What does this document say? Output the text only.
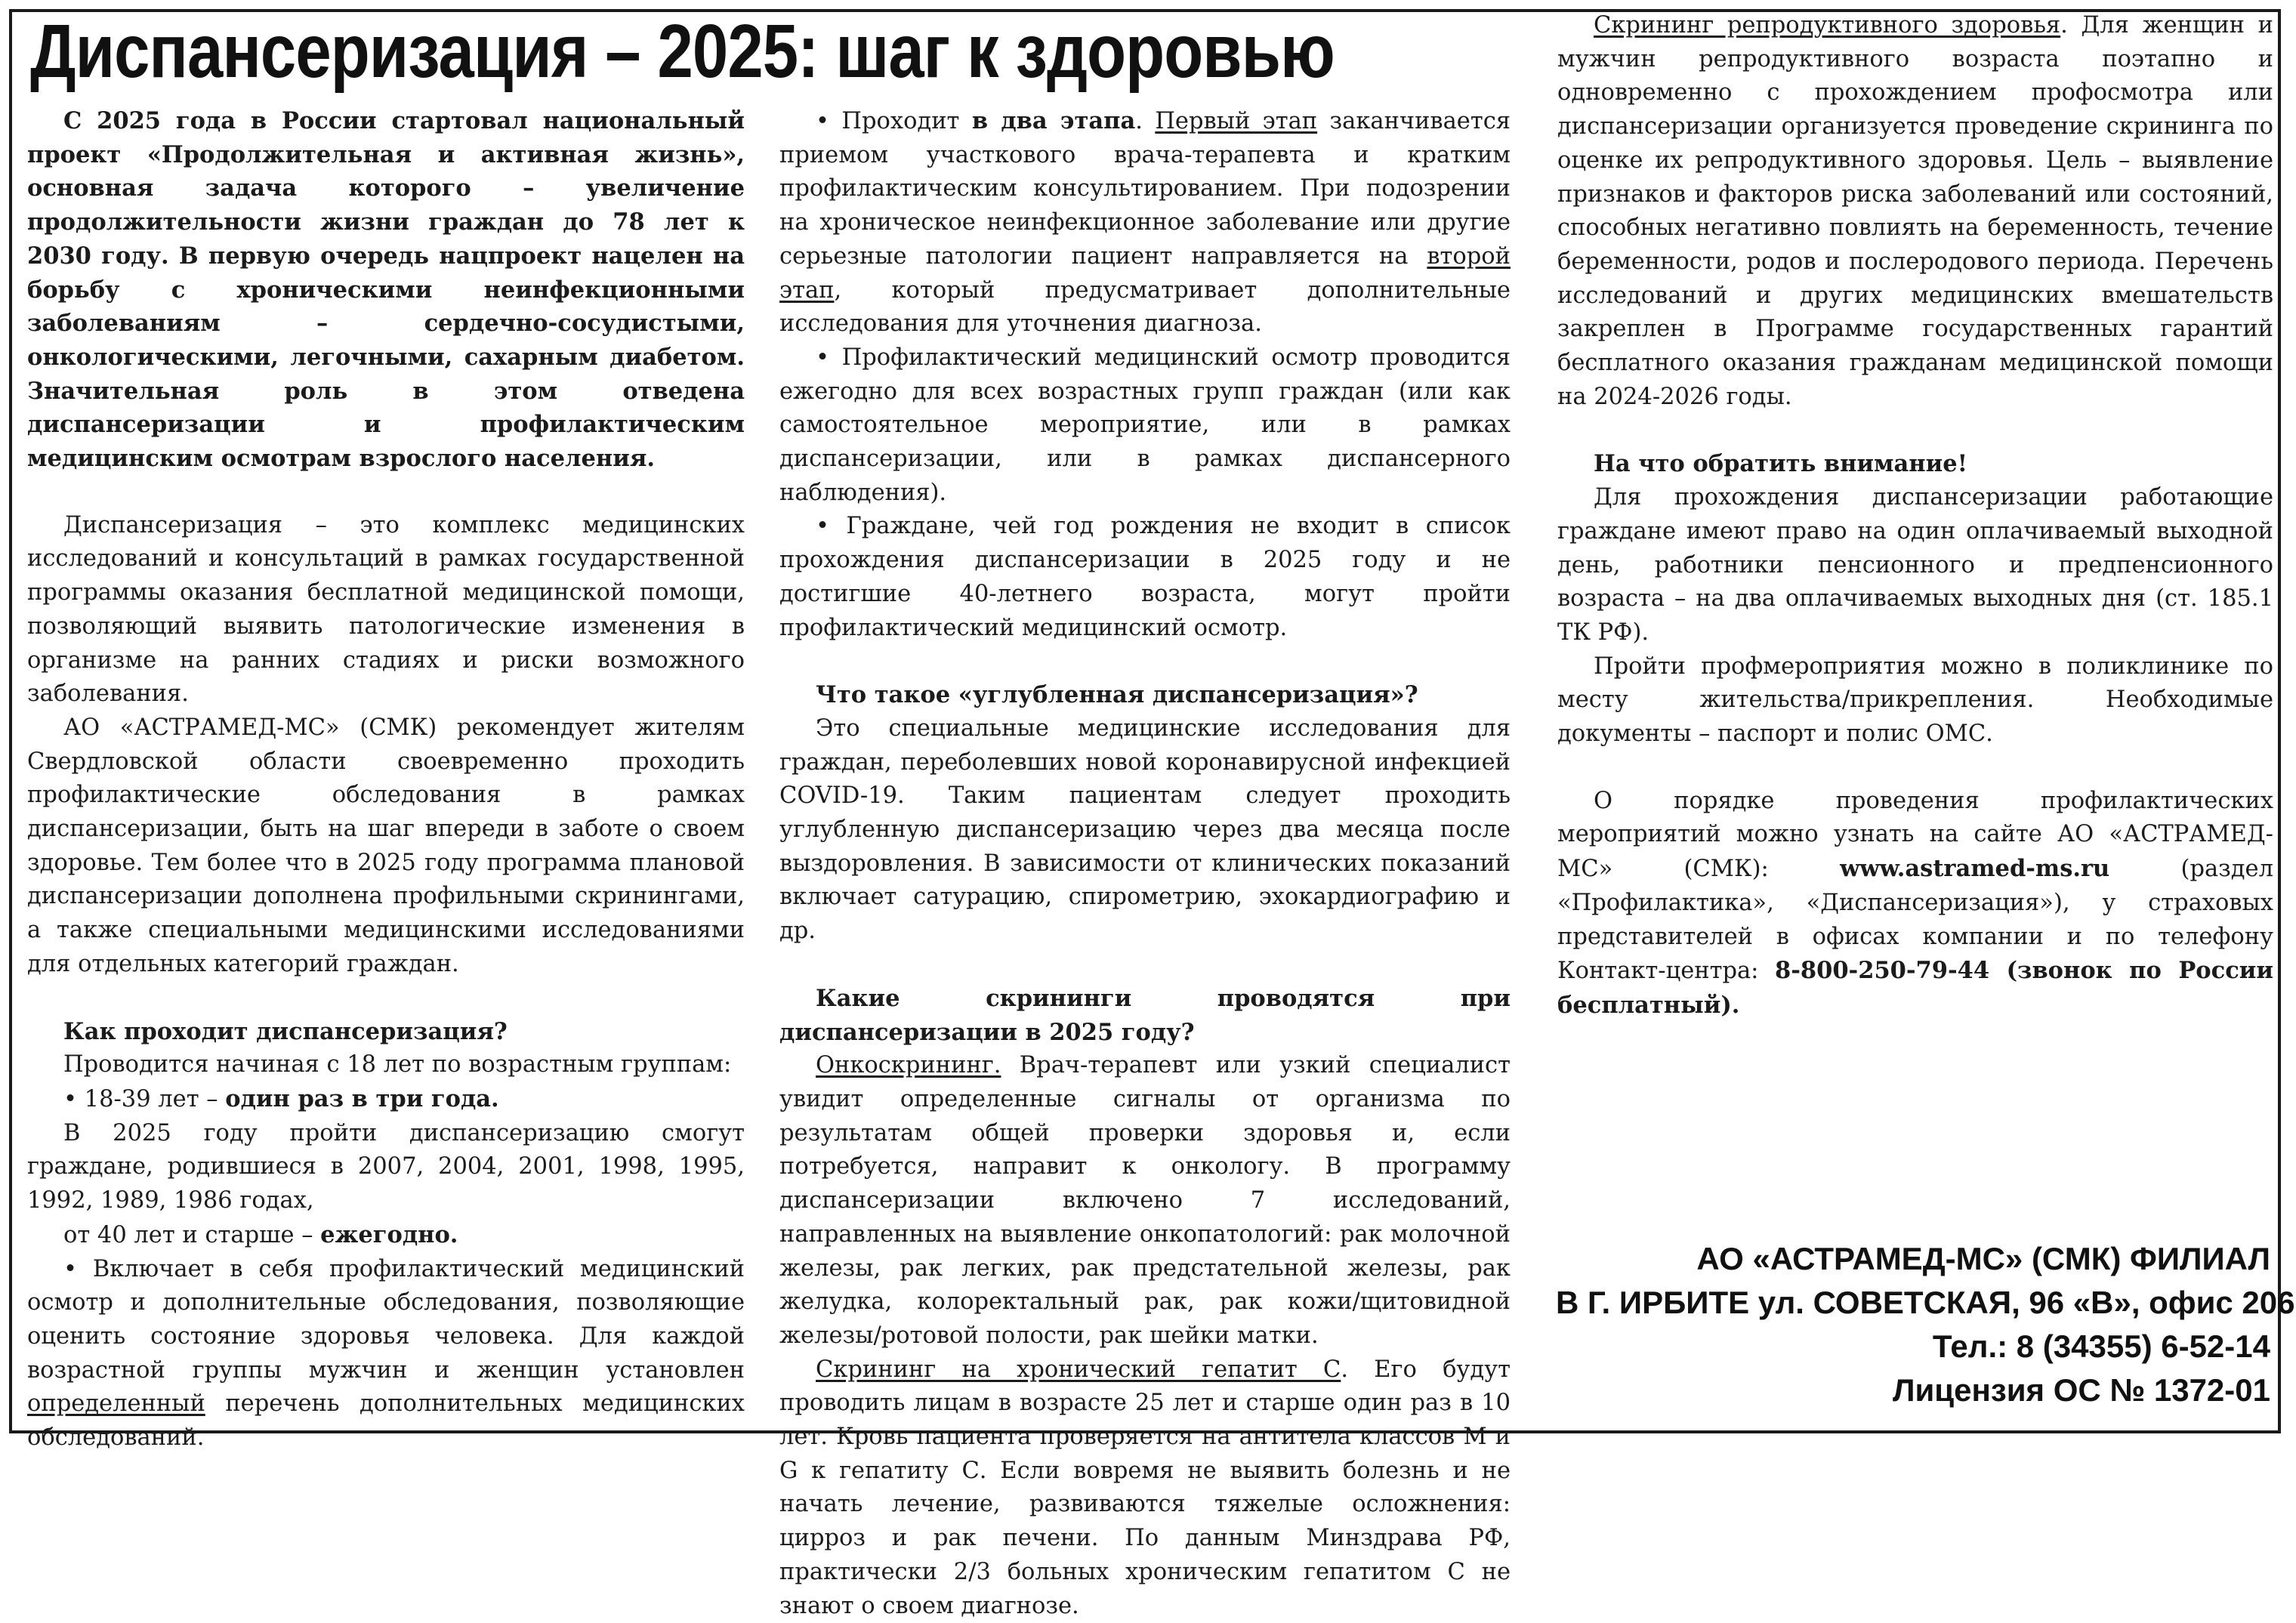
Диспансеризация – 2025: шаг к здоровью

С 2025 года в России стартовал национальный проект «Продолжительная и активная жизнь», основная задача которого – увеличение продолжительности жизни граждан до 78 лет к 2030 году. В первую очередь нацпроект нацелен на борьбу с хроническими неинфекционными заболеваниям – сердечно-сосудистыми, онкологическими, легочными, сахарным диабетом. Значительная роль в этом отведена диспансеризации и профилактическим медицинским осмотрам взрослого населения.

Диспансеризация – это комплекс медицинских исследований и консультаций в рамках государственной программы оказания бесплатной медицинской помощи, позволяющий выявить патологические изменения в организме на ранних стадиях и риски возможного заболевания.

АО «АСТРАМЕД-МС» (СМК) рекомендует жителям Свердловской области своевременно проходить профилактические обследования в рамках диспансеризации, быть на шаг впереди в заботе о своем здоровье. Тем более что в 2025 году программа плановой диспансеризации дополнена профильными скринингами, а также специальными медицинскими исследованиями для отдельных категорий граждан.

Как проходит диспансеризация?

Проводится начиная с 18 лет по возрастным группам:

• 18-39 лет – один раз в три года.

В 2025 году пройти диспансеризацию смогут граждане, родившиеся в 2007, 2004, 2001, 1998, 1995, 1992, 1989, 1986 годах,

от 40 лет и старше – ежегодно.

• Включает в себя профилактический медицинский осмотр и дополнительные обследования, позволяющие оценить состояние здоровья человека. Для каждой возрастной группы мужчин и женщин установлен определенный перечень дополнительных медицинских обследований.

• Проходит в два этапа. Первый этап заканчивается приемом участкового врача-терапевта и кратким профилактическим консультированием. При подозрении на хроническое неинфекционное заболевание или другие серьезные патологии пациент направляется на второй этап, который предусматривает дополнительные исследования для уточнения диагноза.

• Профилактический медицинский осмотр проводится ежегодно для всех возрастных групп граждан (или как самостоятельное мероприятие, или в рамках диспансеризации, или в рамках диспансерного наблюдения).

• Граждане, чей год рождения не входит в список прохождения диспансеризации в 2025 году и не достигшие 40-летнего возраста, могут пройти профилактический медицинский осмотр.

Что такое «углубленная диспансеризация»?

Это специальные медицинские исследования для граждан, переболевших новой коронавирусной инфекцией COVID-19. Таким пациентам следует проходить углубленную диспансеризацию через два месяца после выздоровления. В зависимости от клинических показаний включает сатурацию, спирометрию, эхокардиографию и др.

Какие скрининги проводятся при диспансеризации в 2025 году?

Онкоскрининг. Врач-терапевт или узкий специалист увидит определенные сигналы от организма по результатам общей проверки здоровья и, если потребуется, направит к онкологу. В программу диспансеризации включено 7 исследований, направленных на выявление онкопатологий: рак молочной железы, рак легких, рак предстательной железы, рак желудка, колоректальный рак, рак кожи/щитовидной железы/ротовой полости, рак шейки матки.

Скрининг на хронический гепатит С. Его будут проводить лицам в возрасте 25 лет и старше один раз в 10 лет. Кровь пациента проверяется на антитела классов M и G к гепатиту С. Если вовремя не выявить болезнь и не начать лечение, развиваются тяжелые осложнения: цирроз и рак печени. По данным Минздрава РФ, практически 2/3 больных хроническим гепатитом С не знают о своем диагнозе.

Скрининг репродуктивного здоровья. Для женщин и мужчин репродуктивного возраста поэтапно и одновременно с прохождением профосмотра или диспансеризации организуется проведение скрининга по оценке их репродуктивного здоровья. Цель – выявление признаков и факторов риска заболеваний или состояний, способных негативно повлиять на беременность, течение беременности, родов и послеродового периода. Перечень исследований и других медицинских вмешательств закреплен в Программе государственных гарантий бесплатного оказания гражданам медицинской помощи на 2024-2026 годы.

На что обратить внимание!

Для прохождения диспансеризации работающие граждане имеют право на один оплачиваемый выходной день, работники пенсионного и предпенсионного возраста – на два оплачиваемых выходных дня (ст. 185.1 ТК РФ).

Пройти профмероприятия можно в поликлинике по месту жительства/прикрепления. Необходимые документы – паспорт и полис ОМС.

О порядке проведения профилактических мероприятий можно узнать на сайте АО «АСТРАМЕД-МС» (СМК): www.astramed-ms.ru (раздел «Профилактика», «Диспансеризация»), у страховых представителей в офисах компании и по телефону Контакт-центра: 8-800-250-79-44 (звонок по России бесплатный).

АО «АСТРАМЕД-МС» (СМК) ФИЛИАЛ
В Г. ИРБИТЕ ул. СОВЕТСКАЯ, 96 «В», офис 206
Тел.: 8 (34355) 6-52-14
Лицензия ОС № 1372-01
